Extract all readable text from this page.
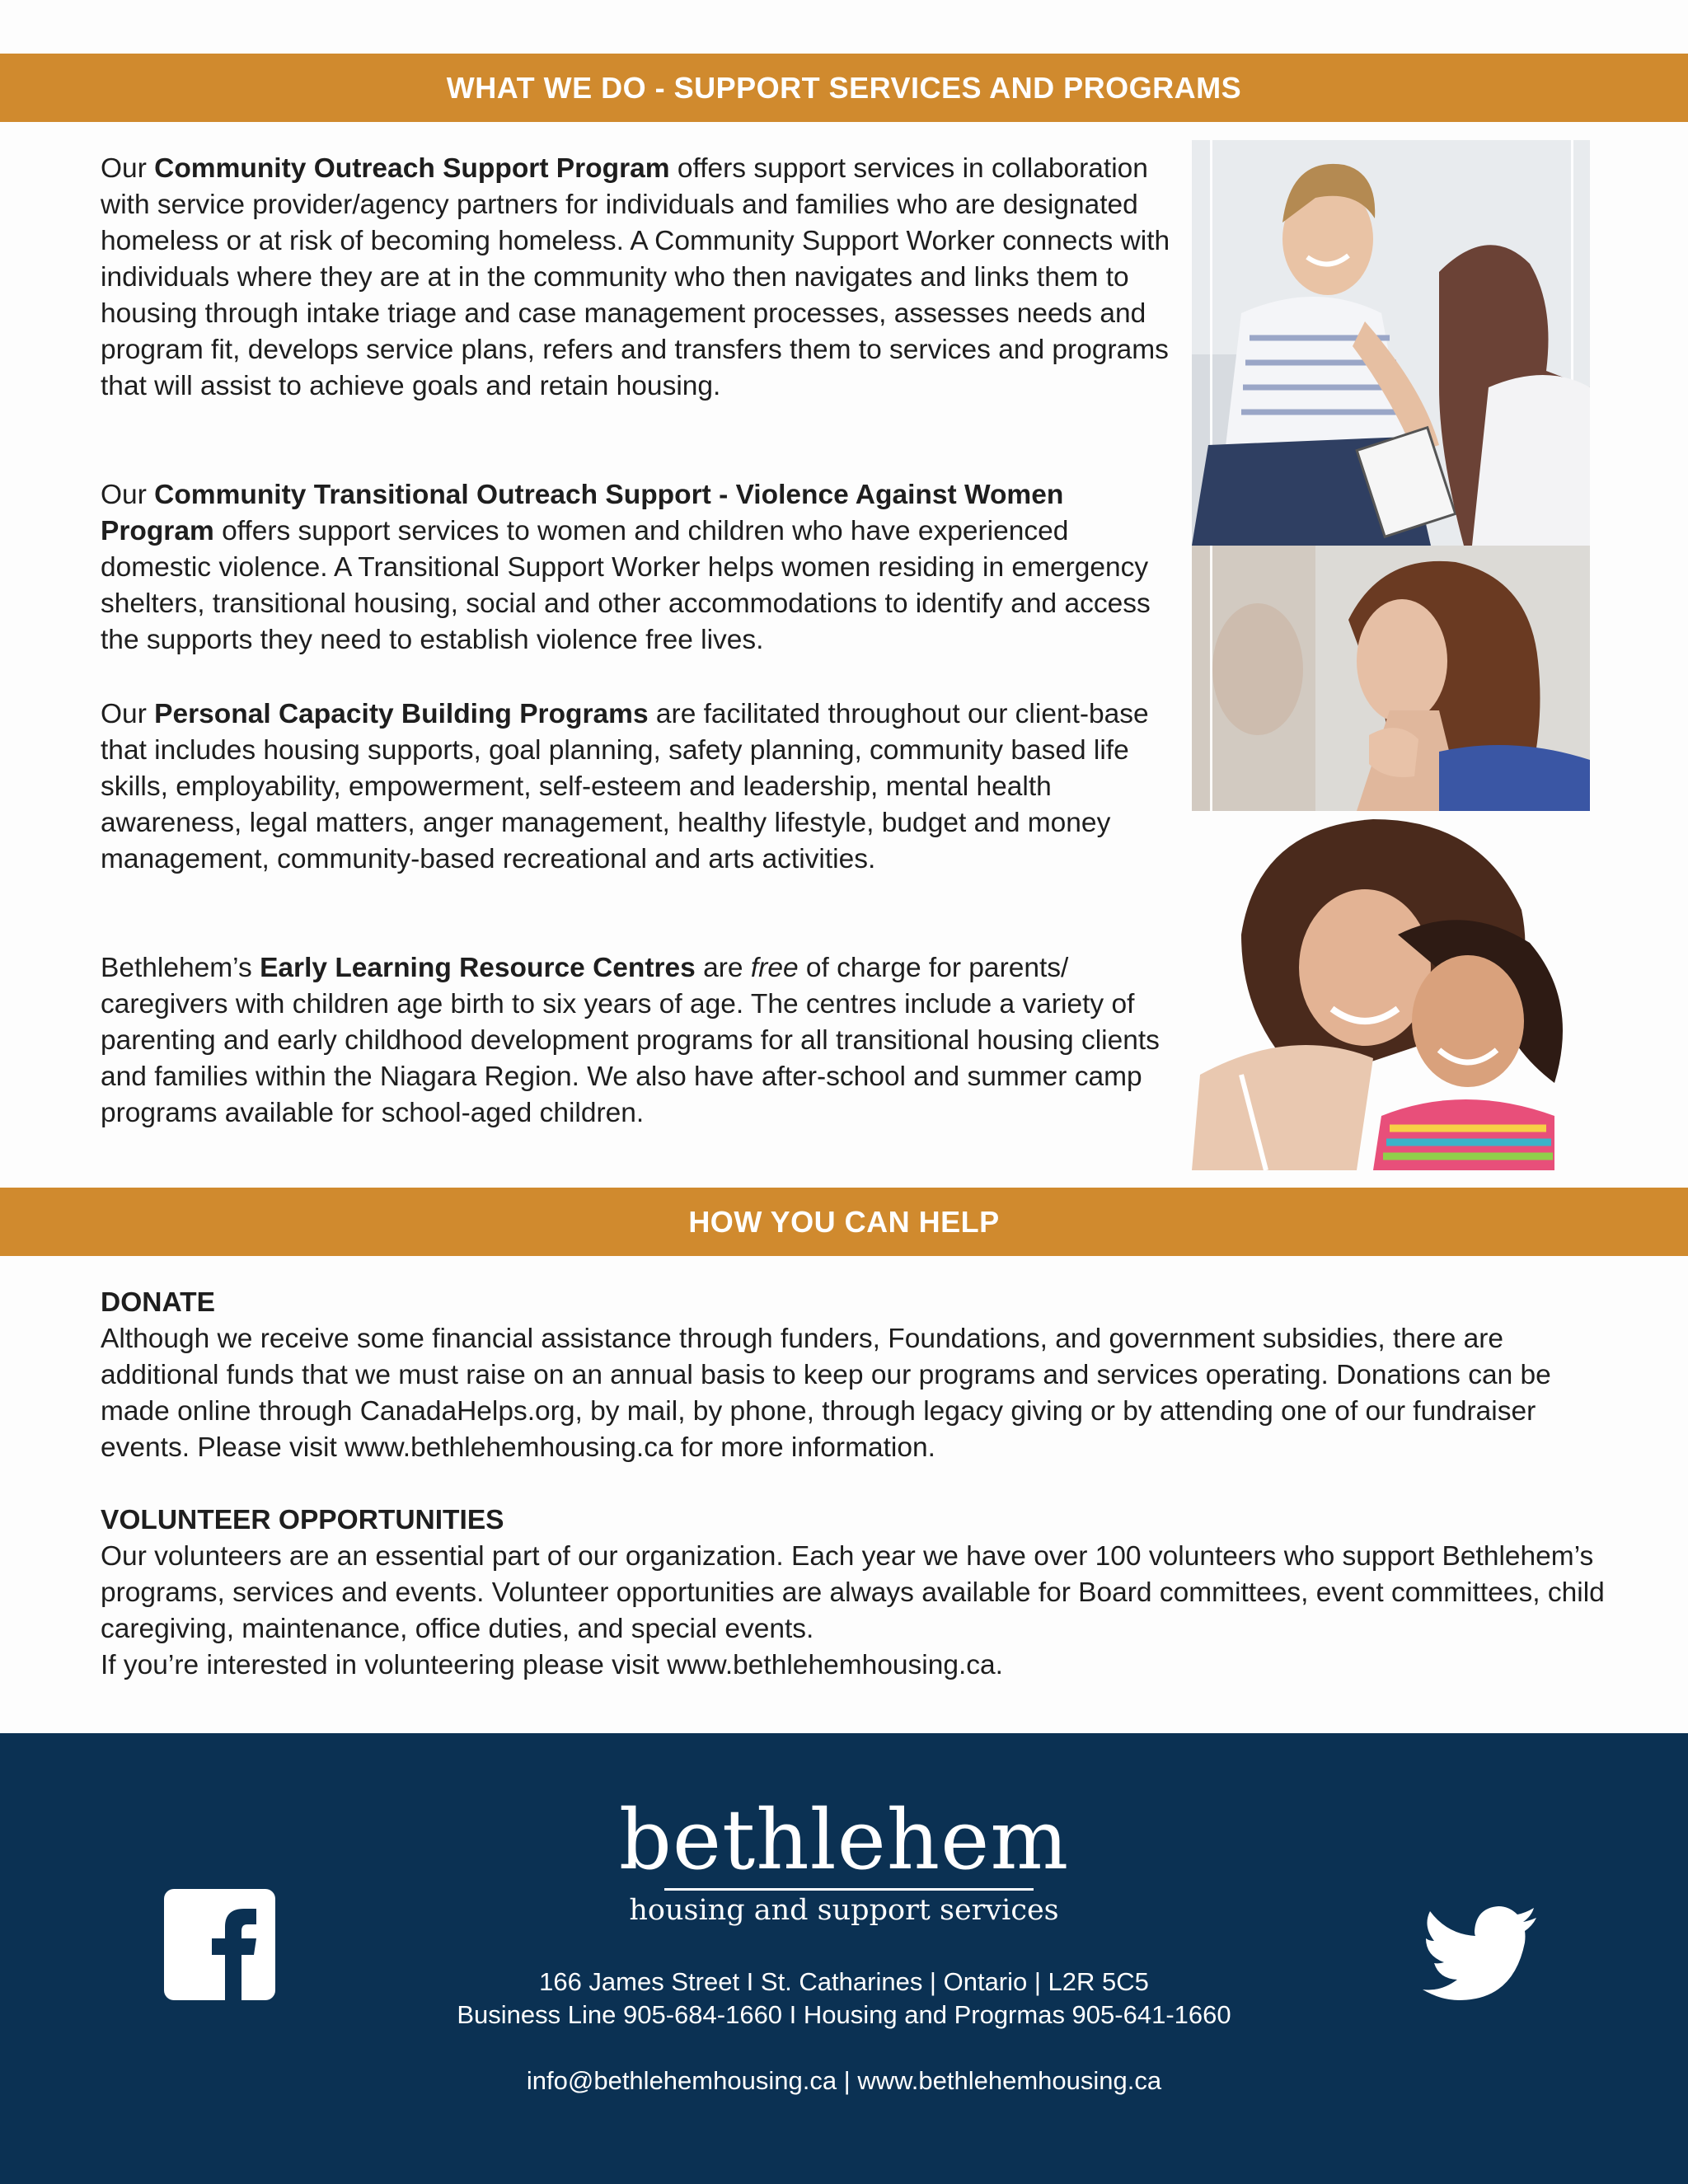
WHAT WE DO - SUPPORT SERVICES AND PROGRAMS

Our Community Outreach Support Program offers support services in collaboration with service provider/agency partners for individuals and families who are designated homeless or at risk of becoming homeless. A Community Support Worker connects with individuals where they are at in the community who then navigates and links them to housing through intake triage and case management processes, assesses needs and program fit, develops service plans, refers and transfers them to services and programs that will assist to achieve goals and retain housing.

Our Community Transitional Outreach Support - Violence Against Women Program offers support services to women and children who have experienced domestic violence. A Transitional Support Worker helps women residing in emergency shelters, transitional housing, social and other accommodations to identify and access the supports they need to establish violence free lives.

Our Personal Capacity Building Programs are facilitated throughout our client-base that includes housing supports, goal planning, safety planning, community based life skills, employability, empowerment, self-esteem and leadership, mental health awareness, legal matters, anger management, healthy lifestyle, budget and money management, community-based recreational and arts activities.

Bethlehem’s Early Learning Resource Centres are free of charge for parents/ caregivers with children age birth to six years of age. The centres include a variety of parenting and early childhood development programs for all transitional housing clients and families within the Niagara Region. We also have after-school and summer camp programs available for school-aged children.

HOW YOU CAN HELP

DONATE

Although we receive some financial assistance through funders, Foundations, and government subsidies, there are additional funds that we must raise on an annual basis to keep our programs and services operating. Donations can be made online through CanadaHelps.org, by mail, by phone, through legacy giving or by attending one of our fundraiser events. Please visit www.bethlehemhousing.ca for more information.

VOLUNTEER OPPORTUNITIES

Our volunteers are an essential part of our organization. Each year we have over 100 volunteers who support Bethlehem’s programs, services and events. Volunteer opportunities are always available for Board committees, event committees, child caregiving, maintenance, office duties, and special events.
If you’re interested in volunteering please visit www.bethlehemhousing.ca.
bethlehem
housing and support services
166 James Street I St. Catharines | Ontario | L2R 5C5
Business Line 905-684-1660 I Housing and Progrmas 905-641-1660
info@bethlehemhousing.ca | www.bethlehemhousing.ca
